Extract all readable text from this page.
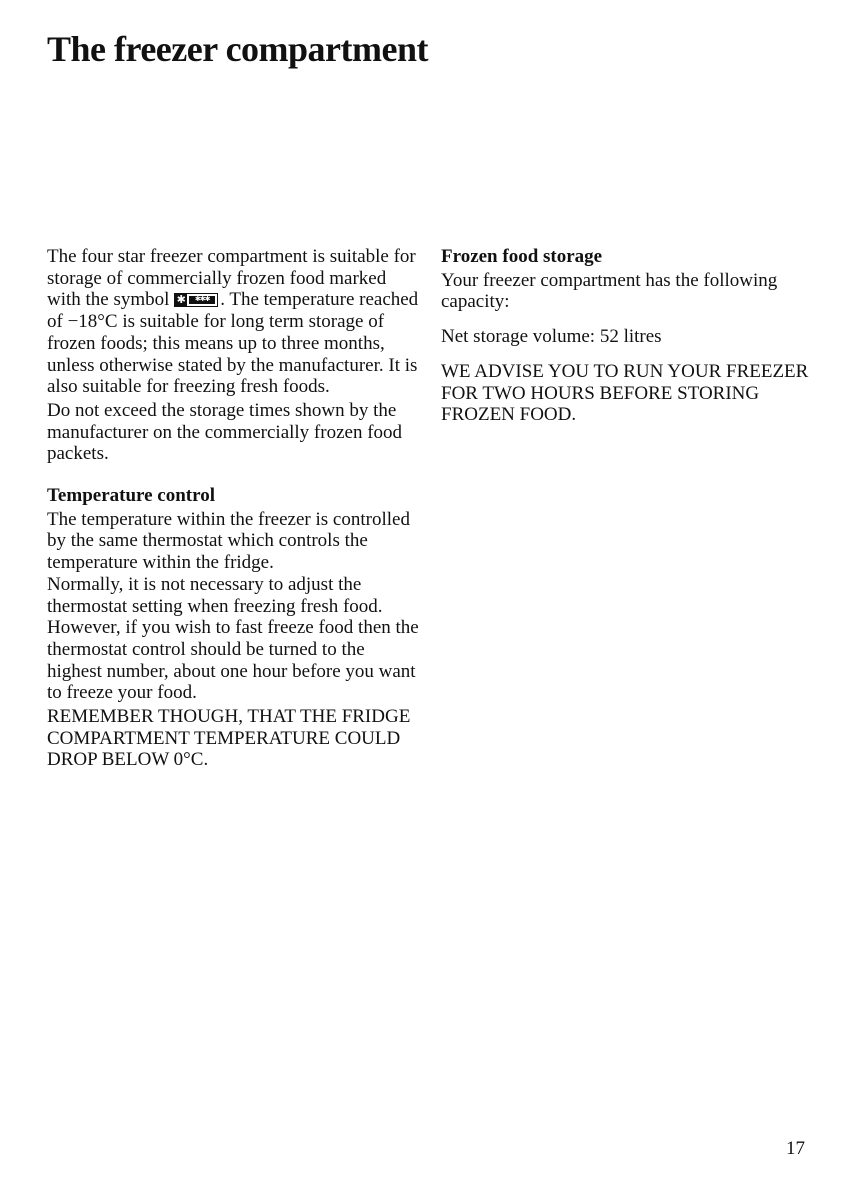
The freezer compartment

The four star freezer compartment is suitable for storage of commercially frozen food marked with the symbol ✱	✱✱✱ . The temperature reached of −18°C is suitable for long term storage of frozen foods; this means up to three months, unless otherwise stated by the manufacturer. It is also suitable for freezing fresh foods.

Do not exceed the storage times shown by the manufacturer on the commercially frozen food packets.

Temperature control

The temperature within the freezer is controlled by the same thermostat which controls the temperature within the fridge.

Normally, it is not necessary to adjust the thermostat setting when freezing fresh food. However, if you wish to fast freeze food then the thermostat control should be turned to the highest number, about one hour before you want to freeze your food.

REMEMBER THOUGH, THAT THE FRIDGE COMPARTMENT TEMPERATURE COULD DROP BELOW 0°C.

Frozen food storage

Your freezer compartment has the following capacity:

Net storage volume: 52 litres

WE ADVISE YOU TO RUN YOUR FREEZER FOR TWO HOURS BEFORE STORING FROZEN FOOD.

17
